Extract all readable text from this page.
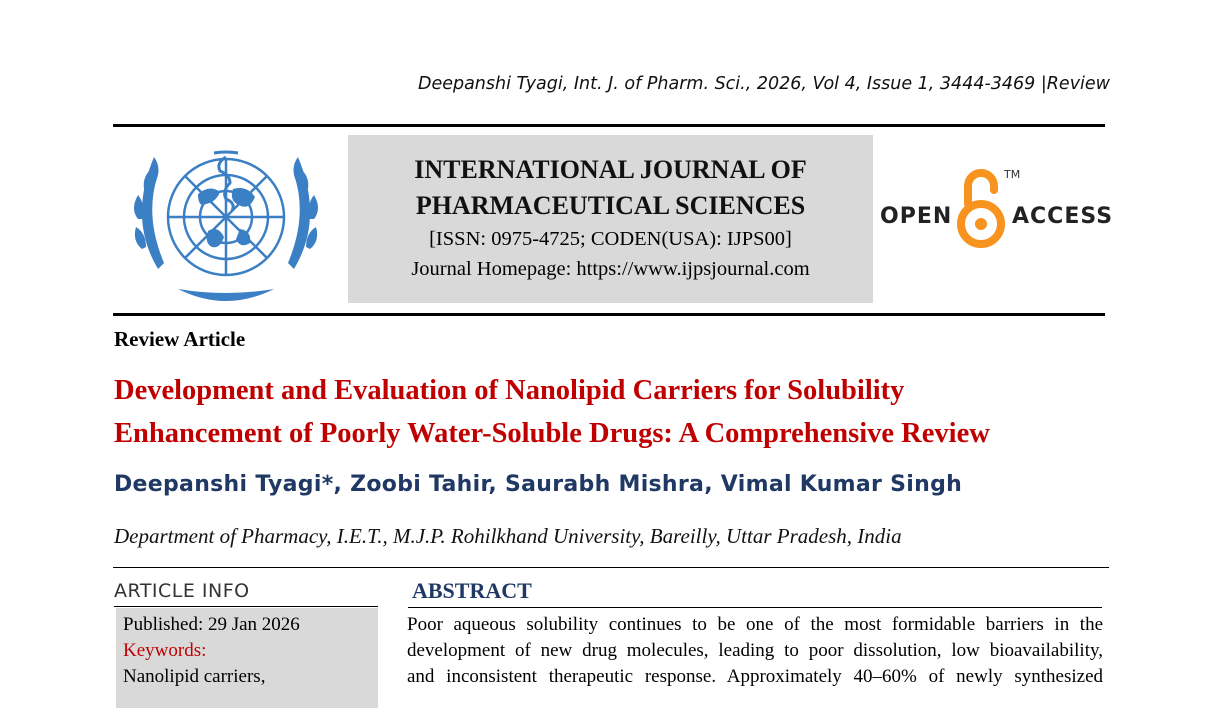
Deepanshi Tyagi, Int. J. of Pharm. Sci., 2026, Vol 4, Issue 1, 3444-3469 |Review
INTERNATIONAL JOURNAL OF
PHARMACEUTICAL SCIENCES
[ISSN: 0975-4725; CODEN(USA): IJPS00]
Journal Homepage: https://www.ijpsjournal.com
OPEN
TM
ACCESS
Review Article
Development and Evaluation of Nanolipid Carriers for Solubility
Enhancement of Poorly Water-Soluble Drugs: A Comprehensive Review
Deepanshi Tyagi*, Zoobi Tahir, Saurabh Mishra, Vimal Kumar Singh
Department of Pharmacy, I.E.T., M.J.P. Rohilkhand University, Bareilly, Uttar Pradesh, India
ARTICLE INFO
Published: 29 Jan 2026
Keywords:
Nanolipid carriers,
ABSTRACT
Poor aqueous solubility continues to be one of the most formidable barriers in the
development of new drug molecules, leading to poor dissolution, low bioavailability,
and inconsistent therapeutic response. Approximately 40–60% of newly synthesized
